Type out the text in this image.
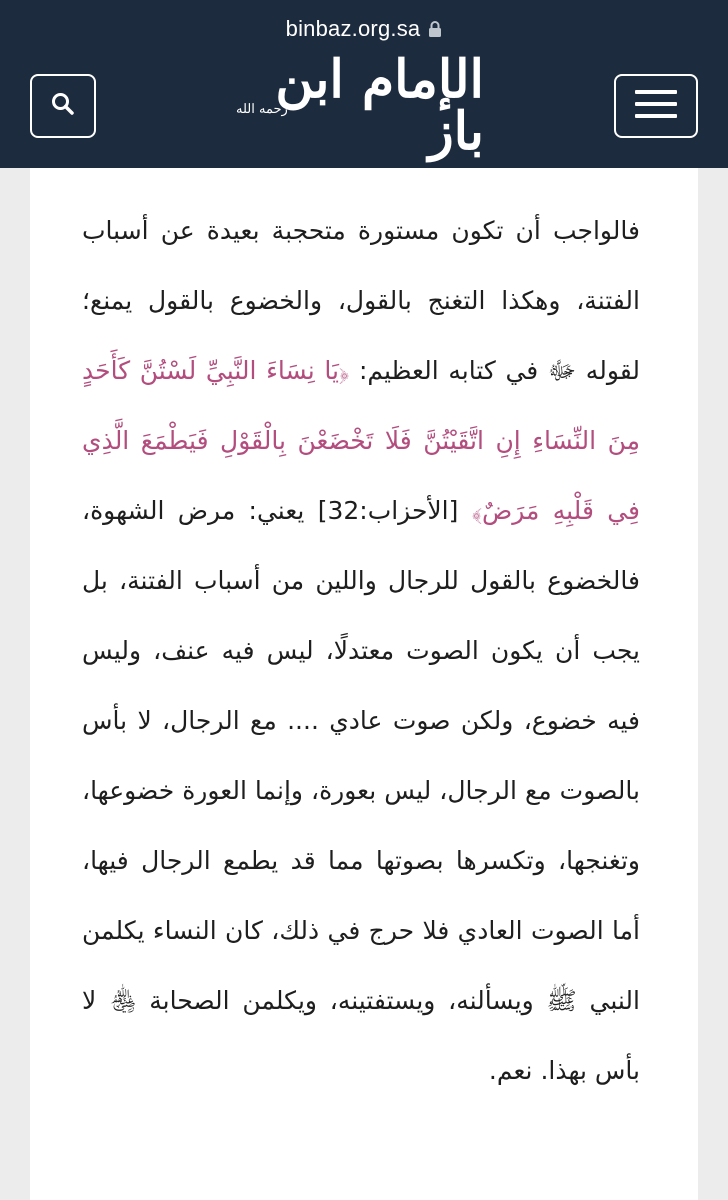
binbaz.org.sa
رحمه الله
الإمام ابن باز
فالواجب أن تكون مستورة متحجبة بعيدة عن أسباب الفتنة، وهكذا التغنج بالقول، والخضوع بالقول يمنع؛ لقوله ﷻ في كتابه العظيم: ﴿يَا نِسَاءَ النَّبِيِّ لَسْتُنَّ كَأَحَدٍ مِنَ النِّسَاءِ إِنِ اتَّقَيْتُنَّ فَلَا تَخْضَعْنَ بِالْقَوْلِ فَيَطْمَعَ الَّذِي فِي قَلْبِهِ مَرَضٌ﴾ [الأحزاب:32] يعني: مرض الشهوة، فالخضوع بالقول للرجال واللين من أسباب الفتنة، بل يجب أن يكون الصوت معتدلًا، ليس فيه عنف، وليس فيه خضوع، ولكن صوت عادي .... مع الرجال، لا بأس بالصوت مع الرجال، ليس بعورة، وإنما العورة خضوعها، وتغنجها، وتكسرها بصوتها مما قد يطمع الرجال فيها، أما الصوت العادي فلا حرج في ذلك، كان النساء يكلمن النبي ﷺ ويسألنه، ويستفتينه، ويكلمن الصحابة ﵃ لا بأس بهذا. نعم.
